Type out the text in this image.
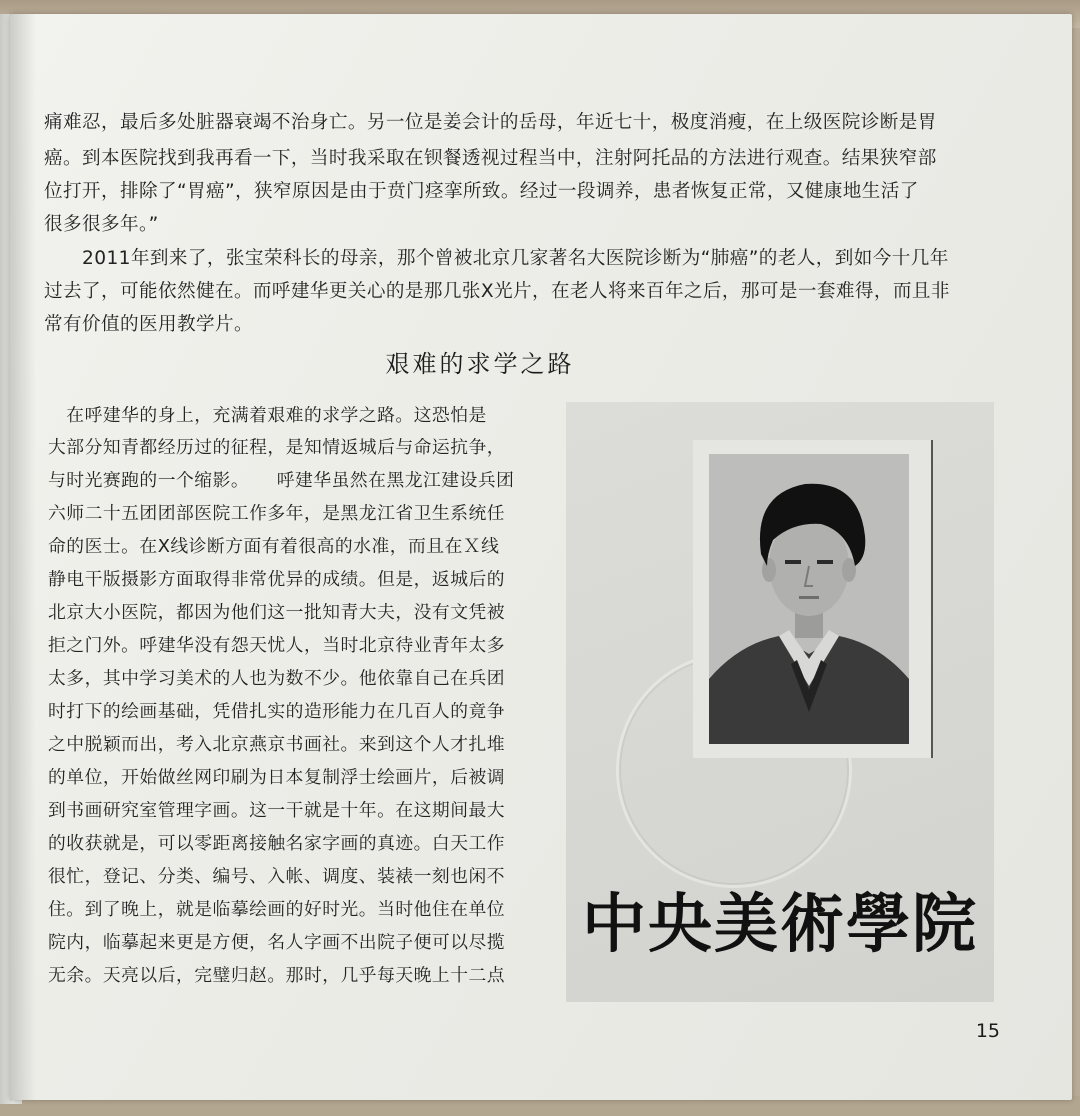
痛难忍，最后多处脏器衰竭不治身亡。另一位是姜会计的岳母，年近七十，极度消瘦，在上级医院诊断是胃

癌。到本医院找到我再看一下，当时我采取在钡餐透视过程当中，注射阿托品的方法进行观查。结果狭窄部

位打开，排除了“胃癌”，狭窄原因是由于贲门痉挛所致。经过一段调养，患者恢复正常，又健康地生活了

很多很多年。”

　　2011年到来了，张宝荣科长的母亲，那个曾被北京几家著名大医院诊断为“肺癌”的老人，到如今十几年

过去了，可能依然健在。而呼建华更关心的是那几张X光片，在老人将来百年之后，那可是一套难得，而且非

常有价值的医用教学片。

艰难的求学之路

　在呼建华的身上，充满着艰难的求学之路。这恐怕是

大部分知青都经历过的征程，是知情返城后与命运抗争，

与时光赛跑的一个缩影。　　呼建华虽然在黑龙江建设兵团

六师二十五团团部医院工作多年，是黑龙江省卫生系统任

命的医士。在X线诊断方面有着很高的水准，而且在Ｘ线

静电干版摄影方面取得非常优异的成绩。但是，返城后的

北京大小医院，都因为他们这一批知青大夫，没有文凭被

拒之门外。呼建华没有怨天忧人，当时北京待业青年太多

太多，其中学习美术的人也为数不少。他依靠自己在兵团

时打下的绘画基础，凭借扎实的造形能力在几百人的竟争

之中脱颖而出，考入北京燕京书画社。来到这个人才扎堆

的单位，开始做丝网印刷为日本复制浮士绘画片，后被调

到书画研究室管理字画。这一干就是十年。在这期间最大

的收获就是，可以零距离接触名家字画的真迹。白天工作

很忙，登记、分类、编号、入帐、调度、装裱一刻也闲不

住。到了晚上，就是临摹绘画的好时光。当时他住在单位

院内，临摹起来更是方便，名人字画不出院子便可以尽揽

无余。天亮以后，完璧归赵。那时，几乎每天晚上十二点

中央美術學院

15
